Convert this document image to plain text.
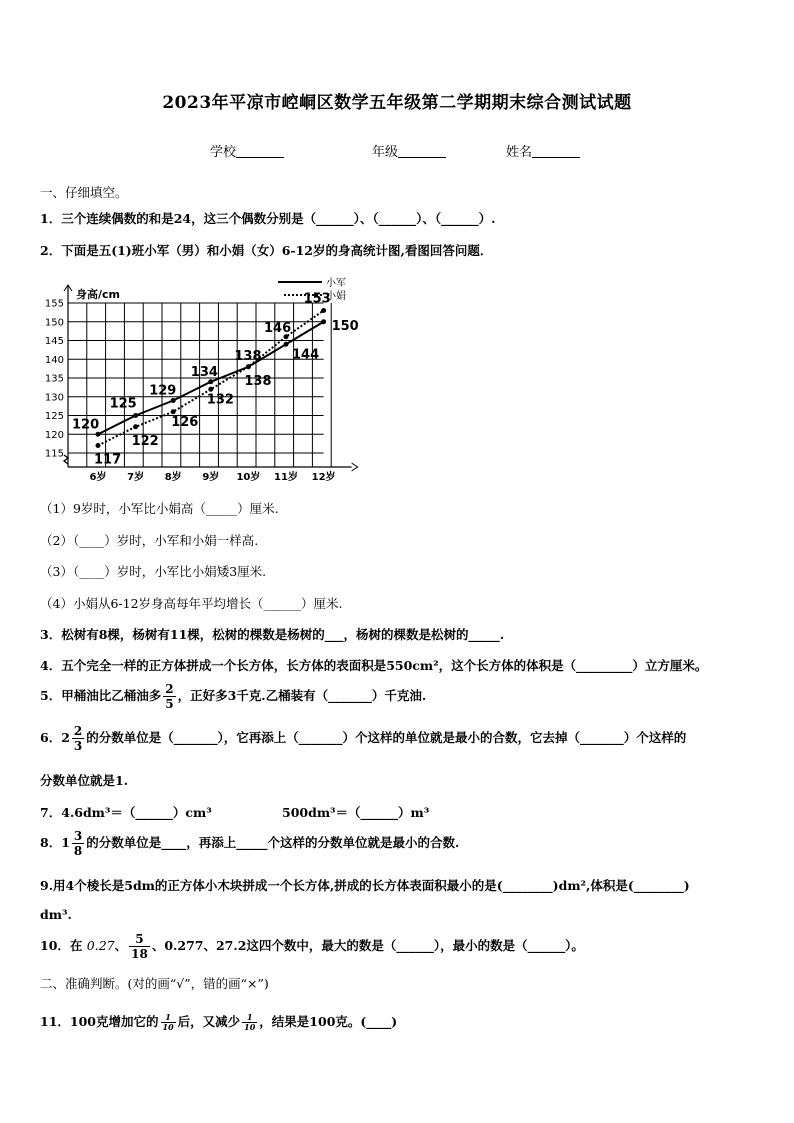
2023年平凉市崆峒区数学五年级第二学期期末综合测试试题
学校	年级	姓名
一、仔细填空。
1．三个连续偶数的和是24，这三个偶数分别是（______）、（______）、（______）.
2．下面是五(1)班小军（男）和小娟（女）6-12岁的身高统计图,看图回答问题．
115
120
125
130
135
140
145
150
155
6岁 7岁 8岁 9岁 10岁 11岁 12岁
120
125
129
134
138 144
150
117
122
126
132
138
146
153
身高/cm
小军
小娟
（1）9岁时，小军比小娟高（_____）厘米.
（2）（____）岁时，小军和小娟一样高.
（3）（____）岁时，小军比小娟矮3厘米.
（4）小娟从6-12岁身高每年平均增长（______）厘米.
3．松树有8棵，杨树有11棵，松树的棵数是杨树的___，杨树的棵数是松树的_____.
4．五个完全一样的正方体拼成一个长方体，长方体的表面积是550cm²，这个长方体的体积是（_________）立方厘米。
5．甲桶油比乙桶油多 $\frac{2}{5}$ ，正好多3千克.乙桶装有（_______）千克油.
6．$2 \frac{2}{3}$ 的分数单位是（_______），它再添上（_______）个这样的单位就是最小的合数，它去掉（_______）个这样的
分数单位就是1.
7．4.6dm³＝（______）cm³	500dm³＝（______）m³
8．$1 \frac{3}{8}$ 的分数单位是____，再添上_____个这样的分数单位就是最小的合数.
9.用4个棱长是5dm的正方体小木块拼成一个长方体,拼成的长方体表面积最小的是(________)dm²,体积是(________)
dm³.
10．在 0.27̇、 $\frac{5}{18}$ 、0.277、27.2这四个数中，最大的数是（______），最小的数是（______）。
二、准确判断。(对的画“√”，错的画“×”)
11．100克增加它的 $\frac{1}{10}$ 后，又减少 $\frac{1}{10}$ ，结果是100克。(____)
